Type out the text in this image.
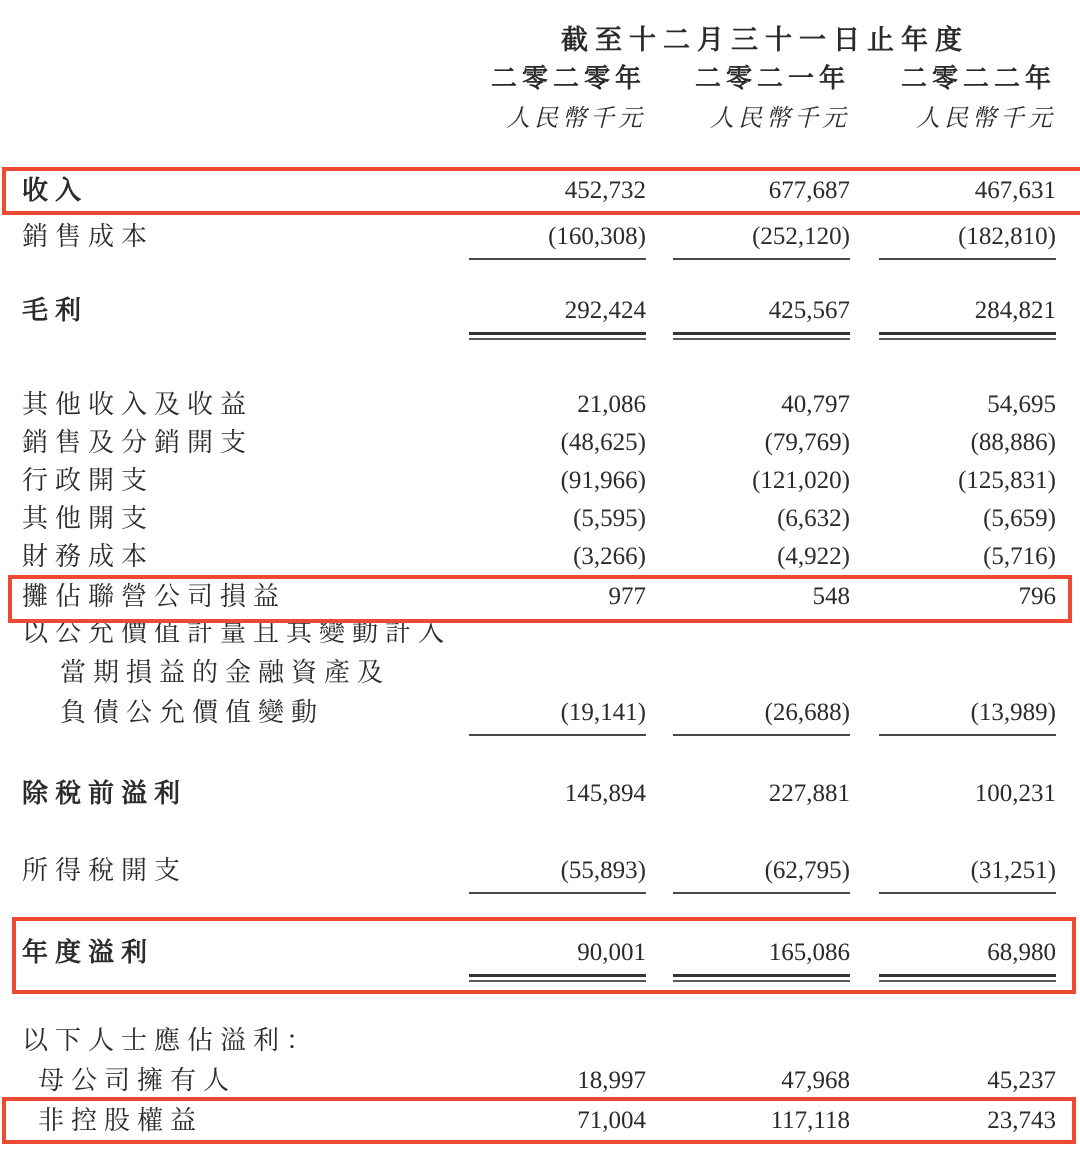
截至十二月三十一日止年度
二零二零年	二零二一年	二零二二年
人民幣千元	人民幣千元	人民幣千元
收入	452,732	677,687	467,631
銷售成本	(160,308)	(252,120)	(182,810)
毛利	292,424	425,567	284,821
其他收入及收益	21,086	40,797	54,695
銷售及分銷開支	(48,625)	(79,769)	(88,886)
行政開支	(91,966)	(121,020)	(125,831)
其他開支	(5,595)	(6,632)	(5,659)
財務成本	(3,266)	(4,922)	(5,716)
攤佔聯營公司損益	977	548	796
以公允價值計量且其變動計入
當期損益的金融資產及
負債公允價值變動	(19,141)	(26,688)	(13,989)
除稅前溢利	145,894	227,881	100,231
所得稅開支	(55,893)	(62,795)	(31,251)
年度溢利	90,001	165,086	68,980
以下人士應佔溢利：
母公司擁有人	18,997	47,968	45,237
非控股權益	71,004	117,118	23,743
